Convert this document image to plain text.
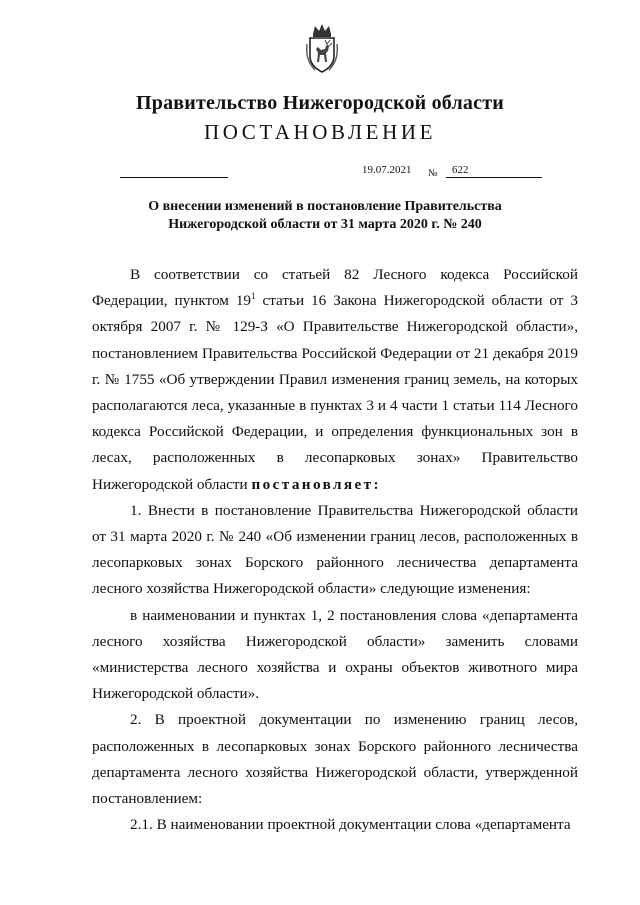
Правительство Нижегородской области
ПОСТАНОВЛЕНИЕ
19.07.2021 № 622
О внесении изменений в постановление Правительства
Нижегородской области от 31 марта 2020 г. № 240

В соответствии со статьей 82 Лесного кодекса Российской Федерации, пунктом $19^1$ статьи 16 Закона Нижегородской области от 3 октября 2007 г. № 129-З «О Правительстве Нижегородской области», постановлением Правительства Российской Федерации от 21 декабря 2019 г. № 1755 «Об утверждении Правил изменения границ земель, на которых располагаются леса, указанные в пунктах 3 и 4 части 1 статьи 114 Лесного кодекса Российской Федерации, и определения функциональных зон в лесах, расположенных в лесопарковых зонах» Правительство Нижегородской области постановляет:

1. Внести в постановление Правительства Нижегородской области от 31 марта 2020 г. № 240 «Об изменении границ лесов, расположенных в лесопарковых зонах Борского районного лесничества департамента лесного хозяйства Нижегородской области» следующие изменения:

в наименовании и пунктах 1, 2 постановления слова «департамента лесного хозяйства Нижегородской области» заменить словами «министерства лесного хозяйства и охраны объектов животного мира Нижегородской области».

2. В проектной документации по изменению границ лесов, расположенных в лесопарковых зонах Борского районного лесничества департамента лесного хозяйства Нижегородской области, утвержденной постановлением:

2.1. В наименовании проектной документации слова «департамента
